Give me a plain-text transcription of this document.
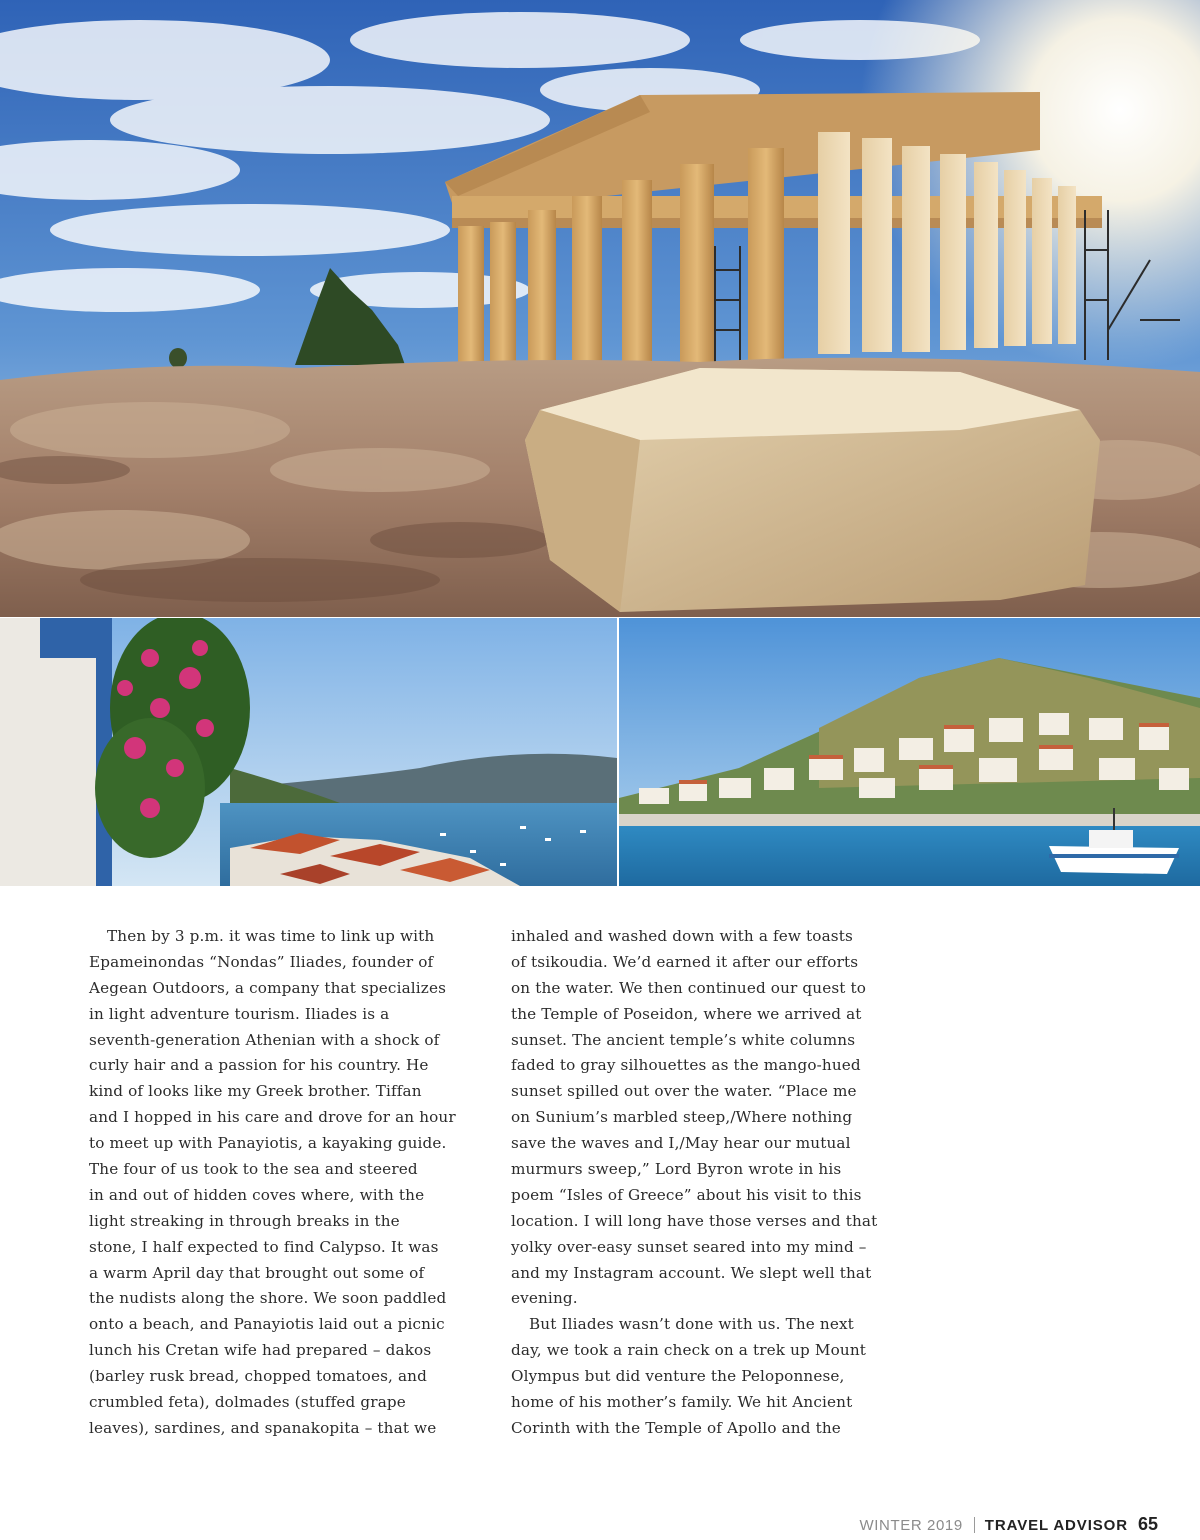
Then by 3 p.m. it was time to link up with
Epameinondas “Nondas” Iliades, founder of
Aegean Outdoors, a company that specializes
in light adventure tourism. Iliades is a
seventh-generation Athenian with a shock of
curly hair and a passion for his country. He
kind of looks like my Greek brother. Tiffan
and I hopped in his care and drove for an hour
to meet up with Panayiotis, a kayaking guide.
The four of us took to the sea and steered
in and out of hidden coves where, with the
light streaking in through breaks in the
stone, I half expected to find Calypso. It was
a warm April day that brought out some of
the nudists along the shore. We soon paddled
onto a beach, and Panayiotis laid out a picnic
lunch his Cretan wife had prepared – dakos
(barley rusk bread, chopped tomatoes, and
crumbled feta), dolmades (stuffed grape
leaves), sardines, and spanakopita – that we
inhaled and washed down with a few toasts
of tsikoudia. We’d earned it after our efforts
on the water. We then continued our quest to
the Temple of Poseidon, where we arrived at
sunset. The ancient temple’s white columns
faded to gray silhouettes as the mango-hued
sunset spilled out over the water. “Place me
on Sunium’s marbled steep,/Where nothing
save the waves and I,/May hear our mutual
murmurs sweep,” Lord Byron wrote in his
poem “Isles of Greece” about his visit to this
location. I will long have those verses and that
yolky over-easy sunset seared into my mind –
and my Instagram account. We slept well that
evening.
But Iliades wasn’t done with us. The next
day, we took a rain check on a trek up Mount
Olympus but did venture the Peloponnese,
home of his mother’s family. We hit Ancient
Corinth with the Temple of Apollo and the
WINTER 2019 TRAVEL ADVISOR 65
